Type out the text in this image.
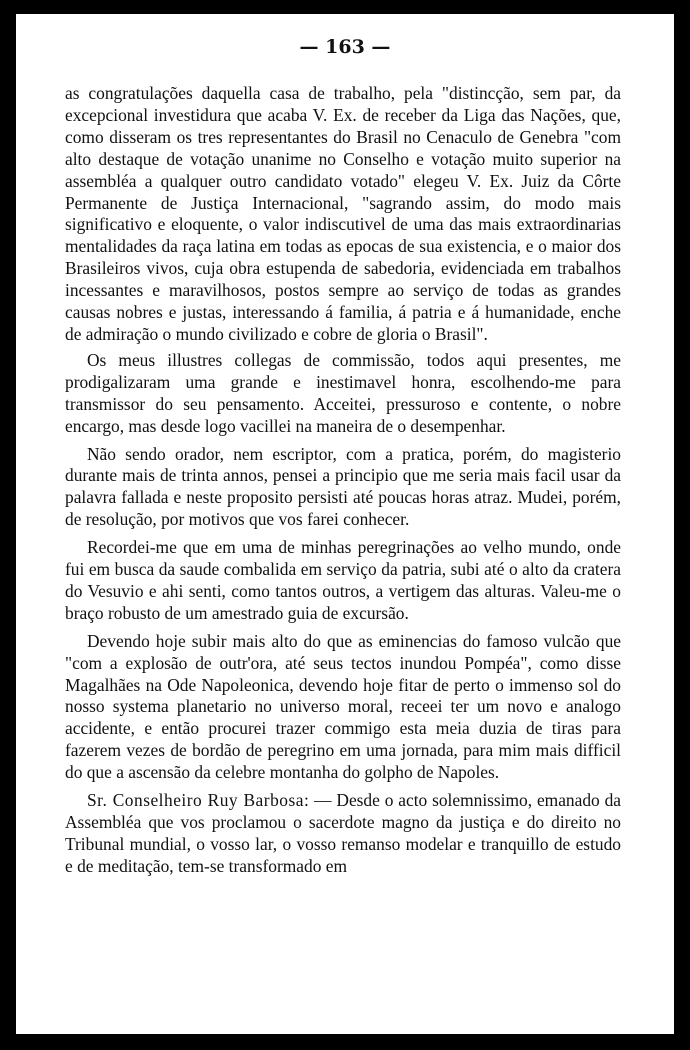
— 163 —

as congratulações daquella casa de trabalho, pela "distincção, sem par, da excepcional investidura que acaba V. Ex. de receber da Liga das Nações, que, como disseram os tres representantes do Brasil no Cenaculo de Genebra "com alto destaque de votação unanime no Conselho e votação muito superior na assembléa a qualquer outro candidato votado" elegeu V. Ex. Juiz da Côrte Permanente de Justiça Internacional, "sagrando assim, do modo mais significativo e eloquente, o valor indiscutivel de uma das mais extraordinarias mentalidades da raça latina em todas as epocas de sua existencia, e o maior dos Brasileiros vivos, cuja obra estupenda de sabedoria, evidenciada em trabalhos incessantes e maravilhosos, postos sempre ao serviço de todas as grandes causas nobres e justas, interessando á familia, á patria e á humanidade, enche de admiração o mundo civilizado e cobre de gloria o Brasil".

Os meus illustres collegas de commissão, todos aqui presentes, me prodigalizaram uma grande e inestimavel honra, escolhendo-me para transmissor do seu pensamento. Acceitei, pressuroso e contente, o nobre encargo, mas desde logo vacillei na maneira de o desempenhar.

Não sendo orador, nem escriptor, com a pratica, porém, do magisterio durante mais de trinta annos, pensei a principio que me seria mais facil usar da palavra fallada e neste proposito persisti até poucas horas atraz. Mudei, porém, de resolução, por motivos que vos farei conhecer.

Recordei-me que em uma de minhas peregrinações ao velho mundo, onde fui em busca da saude combalida em serviço da patria, subi até o alto da cratera do Vesuvio e ahi senti, como tantos outros, a vertigem das alturas. Valeu-me o braço robusto de um amestrado guia de excursão.

Devendo hoje subir mais alto do que as eminencias do famoso vulcão que "com a explosão de outr'ora, até seus tectos inundou Pompéa", como disse Magalhães na Ode Napoleonica, devendo hoje fitar de perto o immenso sol do nosso systema planetario no universo moral, receei ter um novo e analogo accidente, e então procurei trazer commigo esta meia duzia de tiras para fazerem vezes de bordão de peregrino em uma jornada, para mim mais difficil do que a ascensão da celebre montanha do golpho de Napoles.

Sr. Conselheiro Ruy Barbosa: — Desde o acto solemnissimo, emanado da Assembléa que vos proclamou o sacerdote magno da justiça e do direito no Tribunal mundial, o vosso lar, o vosso remanso modelar e tranquillo de estudo e de meditação, tem-se transformado em
